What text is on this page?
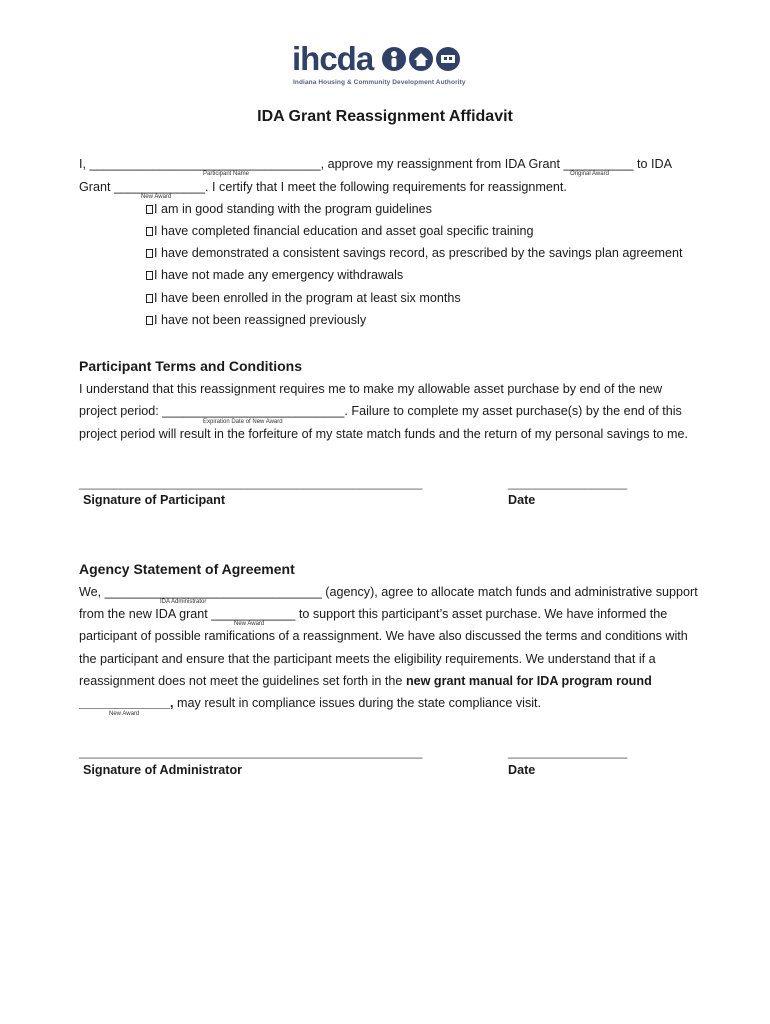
ihcda
Indiana Housing & Community Development Authority
IDA Grant Reassignment Affidavit
I, _________________________________, approve my reassignment from IDA Grant __________ to IDA
Participant Name	Original Award
Grant _____________. I certify that I meet the following requirements for reassignment.
New Award
I am in good standing with the program guidelines
I have completed financial education and asset goal specific training
I have demonstrated a consistent savings record, as prescribed by the savings plan agreement
I have not made any emergency withdrawals
I have been enrolled in the program at least six months
I have not been reassigned previously
Participant Terms and Conditions
I understand that this reassignment requires me to make my allowable asset purchase by end of the new
project period: __________________________. Failure to complete my asset purchase(s) by the end of this
Expiration Date of New Award
project period will result in the forfeiture of my state match funds and the return of my personal savings to me.
_________________________________________________	_________________
Signature of Participant	Date
Agency Statement of Agreement
We, _______________________________ (agency), agree to allocate match funds and administrative support
IDA Administrator
from the new IDA grant ____________ to support this participant’s asset purchase. We have informed the
New Award
participant of possible ramifications of a reassignment. We have also discussed the terms and conditions with
the participant and ensure that the participant meets the eligibility requirements. We understand that if a
reassignment does not meet the guidelines set forth in the new grant manual for IDA program round
_____________, may result in compliance issues during the state compliance visit.
New Award
_________________________________________________	_________________
Signature of Administrator	Date
